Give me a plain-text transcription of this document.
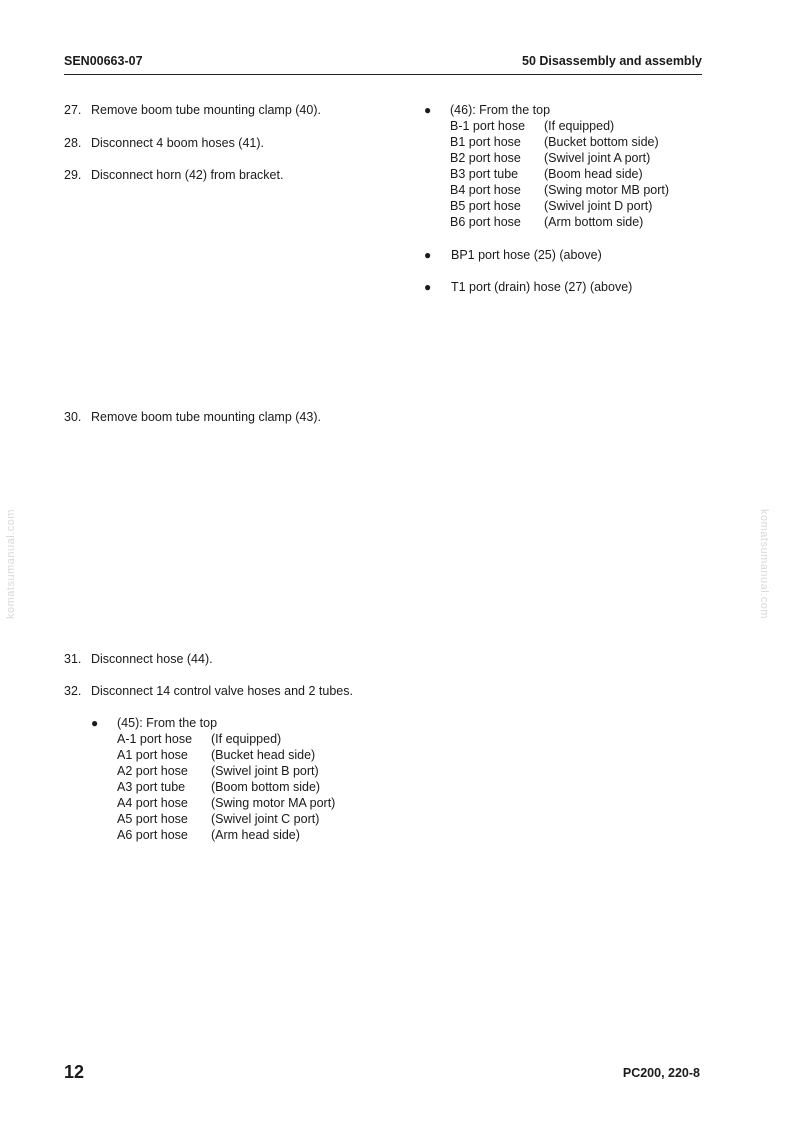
SEN00663-07	50 Disassembly and assembly
27. Remove boom tube mounting clamp (40).
28. Disconnect 4 boom hoses (41).
29. Disconnect horn (42) from bracket.
● (46): From the top
B-1 port hose (If equipped)
B1 port hose (Bucket bottom side)
B2 port hose (Swivel joint A port)
B3 port tube (Boom head side)
B4 port hose (Swing motor MB port)
B5 port hose (Swivel joint D port)
B6 port hose (Arm bottom side)
● BP1 port hose (25) (above)
● T1 port (drain) hose (27) (above)
30. Remove boom tube mounting clamp (43).
komatsumanual.com	komatsumanual.com
31. Disconnect hose (44).
32. Disconnect 14 control valve hoses and 2 tubes.
● (45): From the top
A-1 port hose (If equipped)
A1 port hose (Bucket head side)
A2 port hose (Swivel joint B port)
A3 port tube (Boom bottom side)
A4 port hose (Swing motor MA port)
A5 port hose (Swivel joint C port)
A6 port hose (Arm head side)
12	PC200, 220-8
